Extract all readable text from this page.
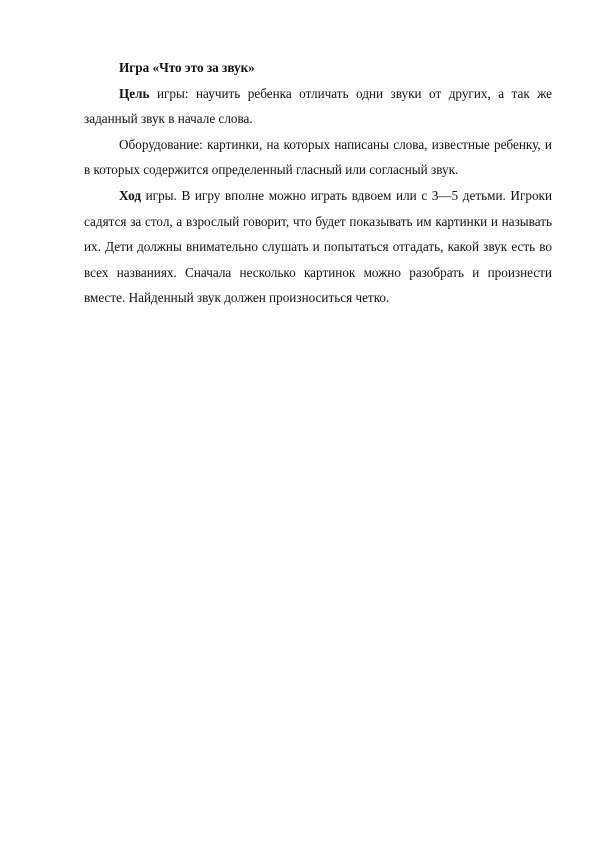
Игра «Что это за звук»

Цель игры: научить ребенка отличать одни звуки от других, а так же заданный звук в начале слова.

Оборудование: картинки, на которых написаны слова, известные ребенку, и в которых содержится определенный гласный или согласный звук.

Ход игры. В игру вполне можно играть вдвоем или с 3—5 детьми. Игроки садятся за стол, а взрослый говорит, что будет показывать им картинки и называть их. Дети должны внимательно слушать и попытаться отгадать, какой звук есть во всех названиях. Сначала несколько картинок можно разобрать и произнести вместе. Найденный звук должен произноситься четко.
